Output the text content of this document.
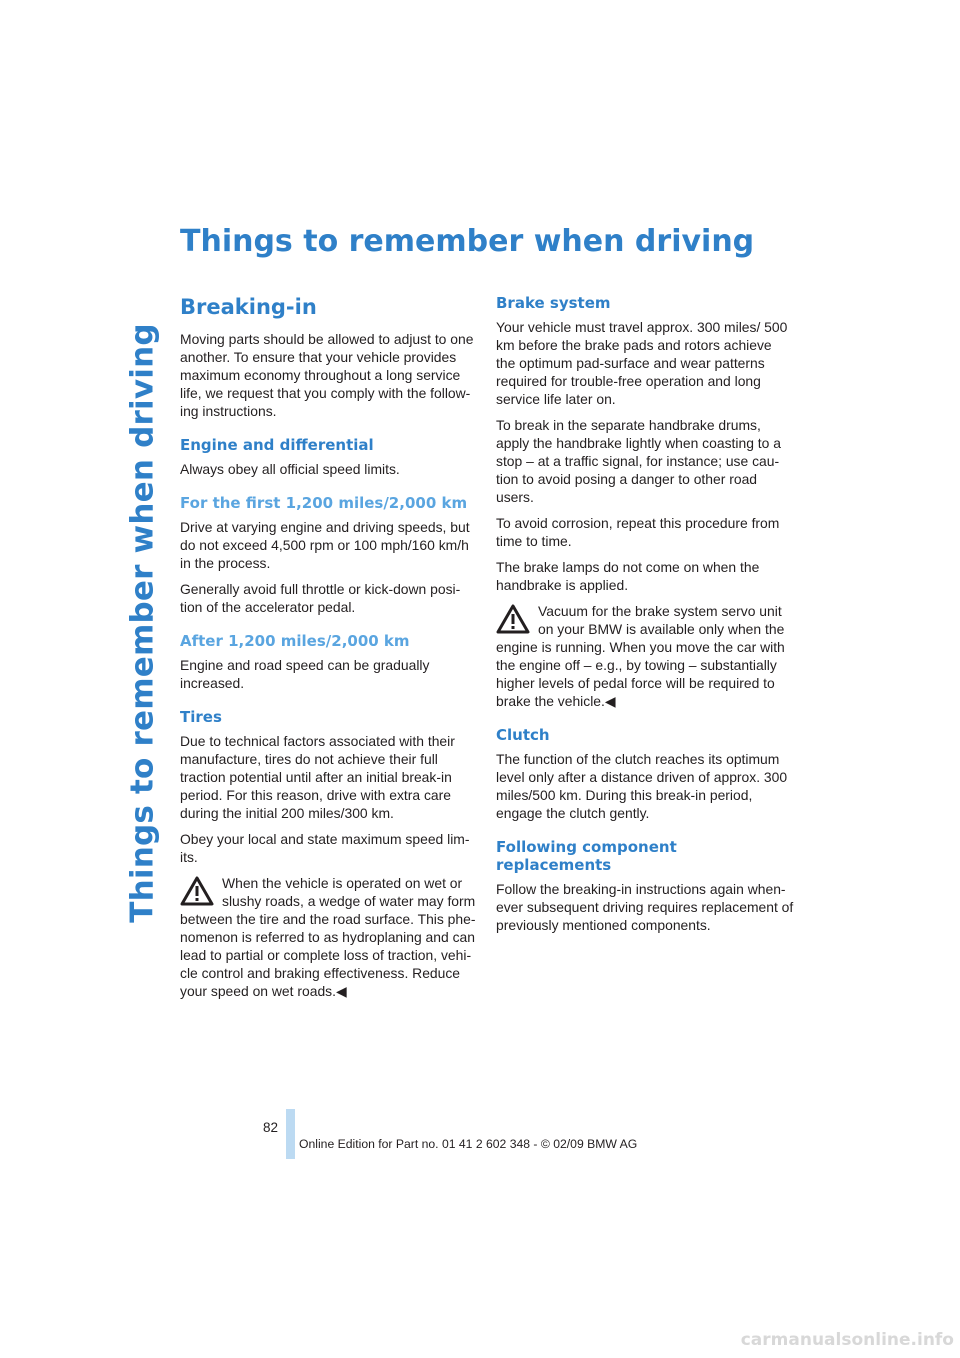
Things to remember when driving
Things to remember when driving
Breaking-in

Moving parts should be allowed to adjust to one another. To ensure that your vehicle provides maximum economy throughout a long service life, we request that you comply with the follow-ing instructions.

Engine and differential

Always obey all official speed limits.

For the first 1,200 miles/2,000 km

Drive at varying engine and driving speeds, but do not exceed 4,500 rpm or 100 mph/160 km/h in the process.

Generally avoid full throttle or kick-down posi-tion of the accelerator pedal.

After 1,200 miles/2,000 km

Engine and road speed can be gradually increased.

Tires

Due to technical factors associated with their manufacture, tires do not achieve their full traction potential until after an initial break-in period. For this reason, drive with extra care during the initial 200 miles/300 km.

Obey your local and state maximum speed lim-its.

When the vehicle is operated on wet or slushy roads, a wedge of water may form between the tire and the road surface. This phe-nomenon is referred to as hydroplaning and can lead to partial or complete loss of traction, vehi-cle control and braking effectiveness. Reduce your speed on wet roads.◀

Brake system

Your vehicle must travel approx. 300 miles/ 500 km before the brake pads and rotors achieve the optimum pad-surface and wear patterns required for trouble-free operation and long service life later on.

To break in the separate handbrake drums, apply the handbrake lightly when coasting to a stop – at a traffic signal, for instance; use cau-tion to avoid posing a danger to other road users.

To avoid corrosion, repeat this procedure from time to time.

The brake lamps do not come on when the handbrake is applied.

Vacuum for the brake system servo unit on your BMW is available only when the engine is running. When you move the car with the engine off – e.g., by towing – substantially higher levels of pedal force will be required to brake the vehicle.◀

Clutch

The function of the clutch reaches its optimum level only after a distance driven of approx. 300 miles/500 km. During this break-in period, engage the clutch gently.

Following component replacements

Follow the breaking-in instructions again when-ever subsequent driving requires replacement of previously mentioned components.

82
Online Edition for Part no. 01 41 2 602 348 - © 02/09 BMW AG
carmanualsonline.info
